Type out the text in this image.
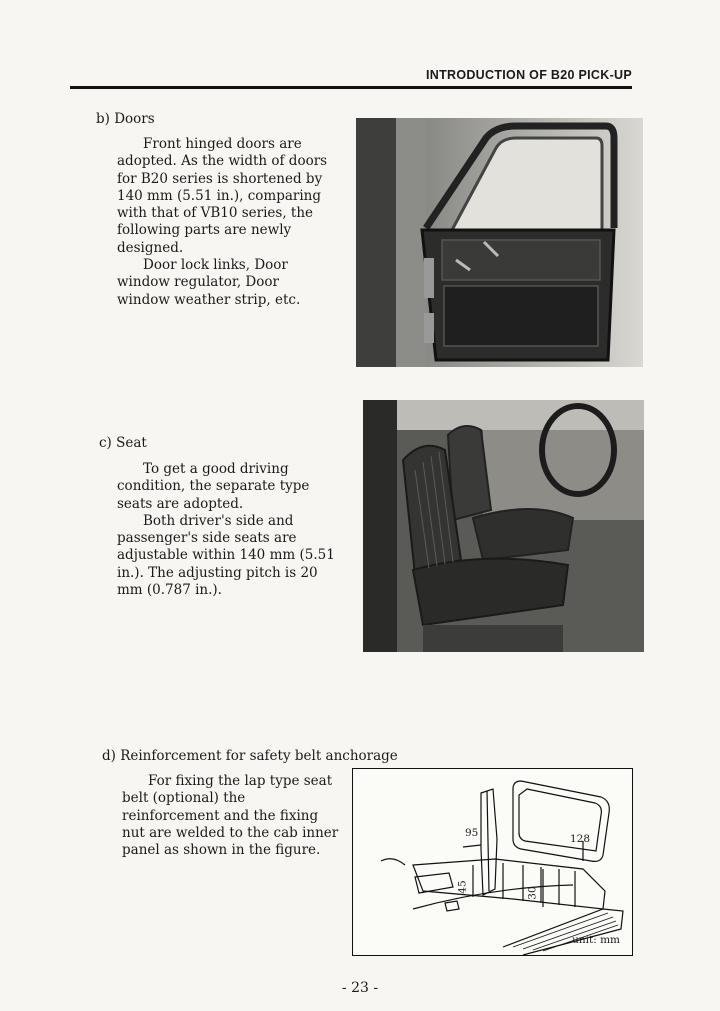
INTRODUCTION OF B20 PICK-UP
b) Doors

Front hinged doors are adopted. As the width of doors for B20 series is shortened by 140 mm (5.51 in.), comparing with that of VB10 series, the following parts are newly designed.

Door lock links, Door window regulator, Door window weather strip, etc.

c) Seat

To get a good driving condition, the separate type seats are adopted.

Both driver's side and passenger's side seats are adjustable within 140 mm (5.51 in.). The adjusting pitch is 20 mm (0.787 in.).

d) Reinforcement for safety belt anchorage

For fixing the lap type seat belt (optional) the reinforcement and the fixing nut are welded to the cab inner panel as shown in the figure.

95	128
45	30
unit: mm
- 23 -
